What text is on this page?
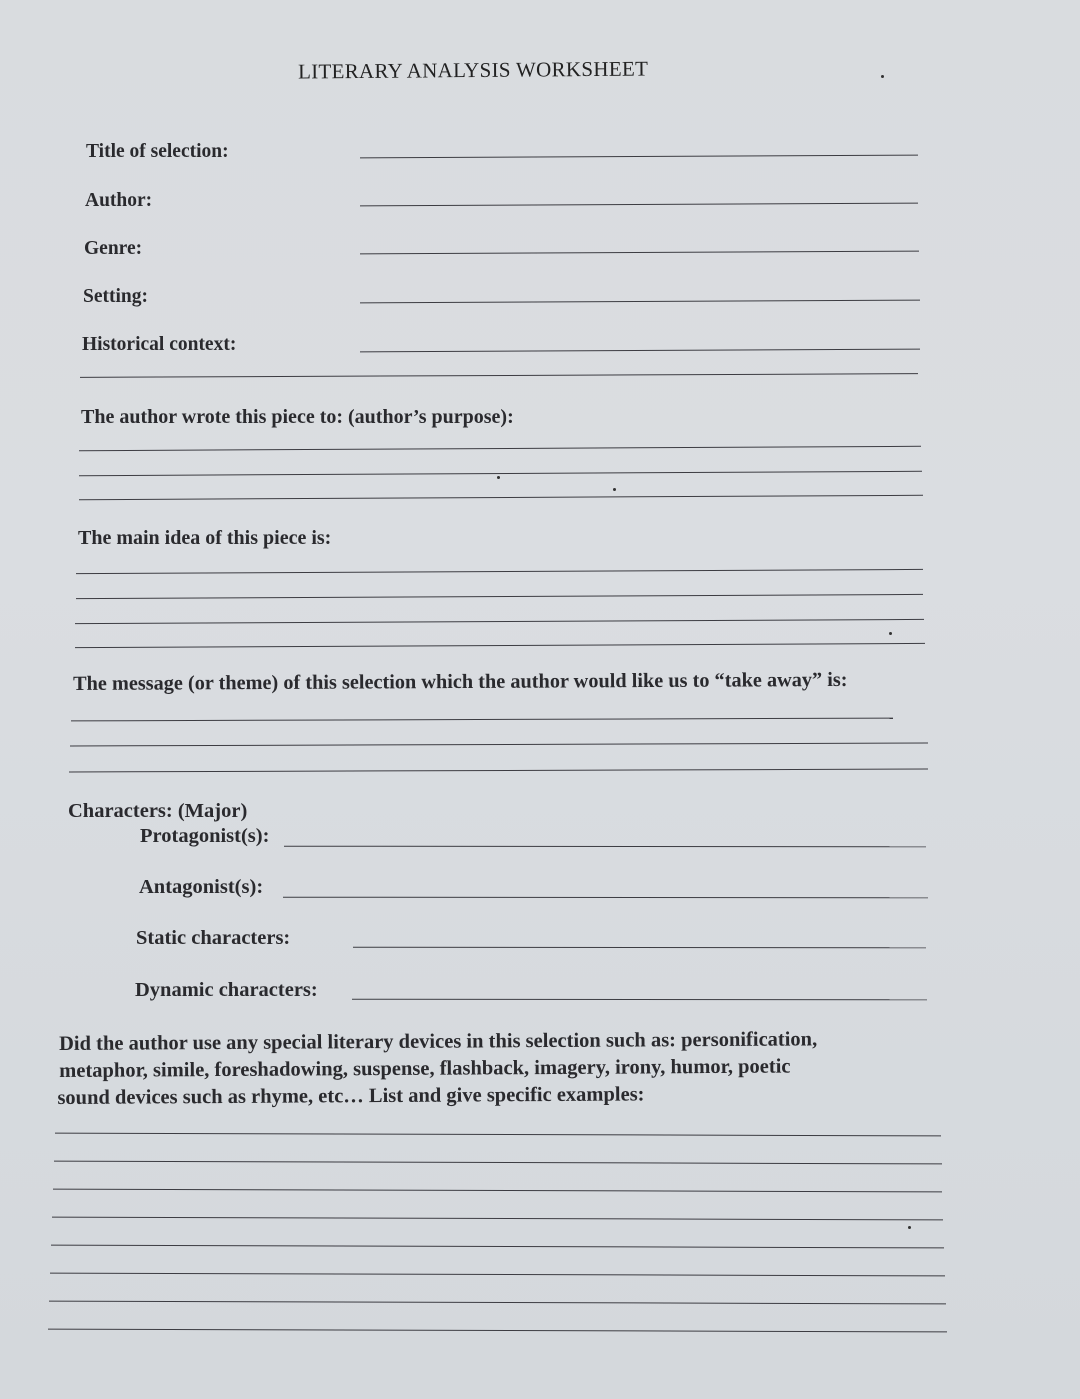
LITERARY ANALYSIS WORKSHEET
Title of selection:
Author:
Genre:
Setting:
Historical context:
The author wrote this piece to: (author’s purpose):
The main idea of this piece is:
The message (or theme) of this selection which the author would like us to “take away” is:
Characters: (Major)
Protagonist(s):
Antagonist(s):
Static characters:
Dynamic characters:
Did the author use any special literary devices in this selection such as: personification,
metaphor, simile, foreshadowing, suspense, flashback, imagery, irony, humor, poetic
sound devices such as rhyme, etc… List and give specific examples:
